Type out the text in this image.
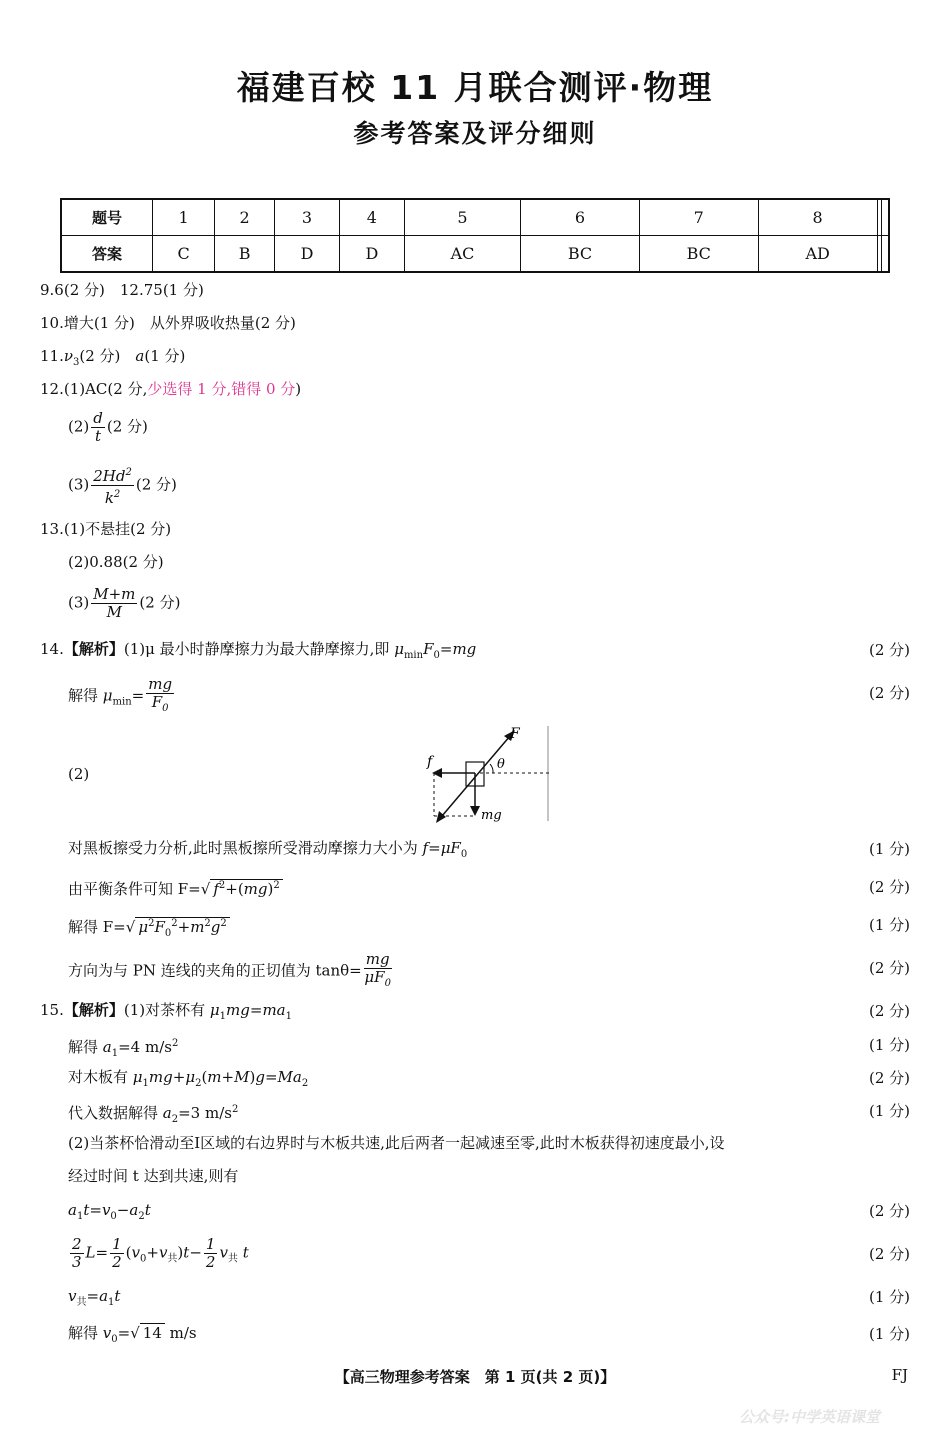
福建百校 11 月联合测评·物理
参考答案及评分细则
题号	1	2	3	4	5	6	7	8		
答案	C	B	D	D	AC	BC	BC	AD		
9.6(2 分)　12.75(1 分)
10.增大(1 分)　从外界吸收热量(2 分)
$11.\nu_3(2$ 分)　a(1 分)
12.(1)AC(2 分,少选得 1 分,错得 0 分)
$(2) \frac{d}{t} (2$ 分)
$(3) \frac{2Hd^2}{k^2} (2$ 分)
13.(1)不悬挂(2 分)
(2)0.88(2 分)
$(3) \frac{M+m}{M} (2$ 分)
14.【解析】(1)μ 最小时静摩擦力为最大静摩擦力,即 $\mu_{min}F_0=mg$	(2 分)
解得 $\mu_{min}= \frac{mg}{F_0}$	(2 分)
(2)
F
f	θ
mg
对黑板擦受力分析,此时黑板擦所受滑动摩擦力大小为 $f=\mu F_0$	(1 分)
由平衡条件可知 F=√ $f^2+(mg)^2$	(2 分)
解得 F=√ $\mu^2F_0^2+m^2g^2$	(1 分)
方向为与 PN 连线的夹角的正切值为 $\tan\theta= \frac{mg}{\mu F_0}$	(2 分)
15.【解析】(1)对茶杯有 $\mu_1mg=ma_1$	(2 分)
解得 $a_1=4$ $m/s^2$	(1 分)
对木板有 $\mu_1mg+\mu_2(m+M)g=Ma_2$	(2 分)
代入数据解得 $a_2=3$ $m/s^2$	(1 分)
(2)当茶杯恰滑动至Ⅰ区域的右边界时与木板共速,此后两者一起减速至零,此时木板获得初速度最小,设
经过时间 t 达到共速,则有
$a_1t=v_0-a_2t$	(2 分)
$\frac{2}{3} L= \frac{1}{2} (v_0+v_共)t- \frac{1}{2} v_共$ t	(2 分)
$v_共=a_1t$	(1 分)
解得 $v_0=√$ 14 m/s	(1 分)
【高三物理参考答案　第 1 页(共 2 页)】	FJ
公众号:中学英语课堂
